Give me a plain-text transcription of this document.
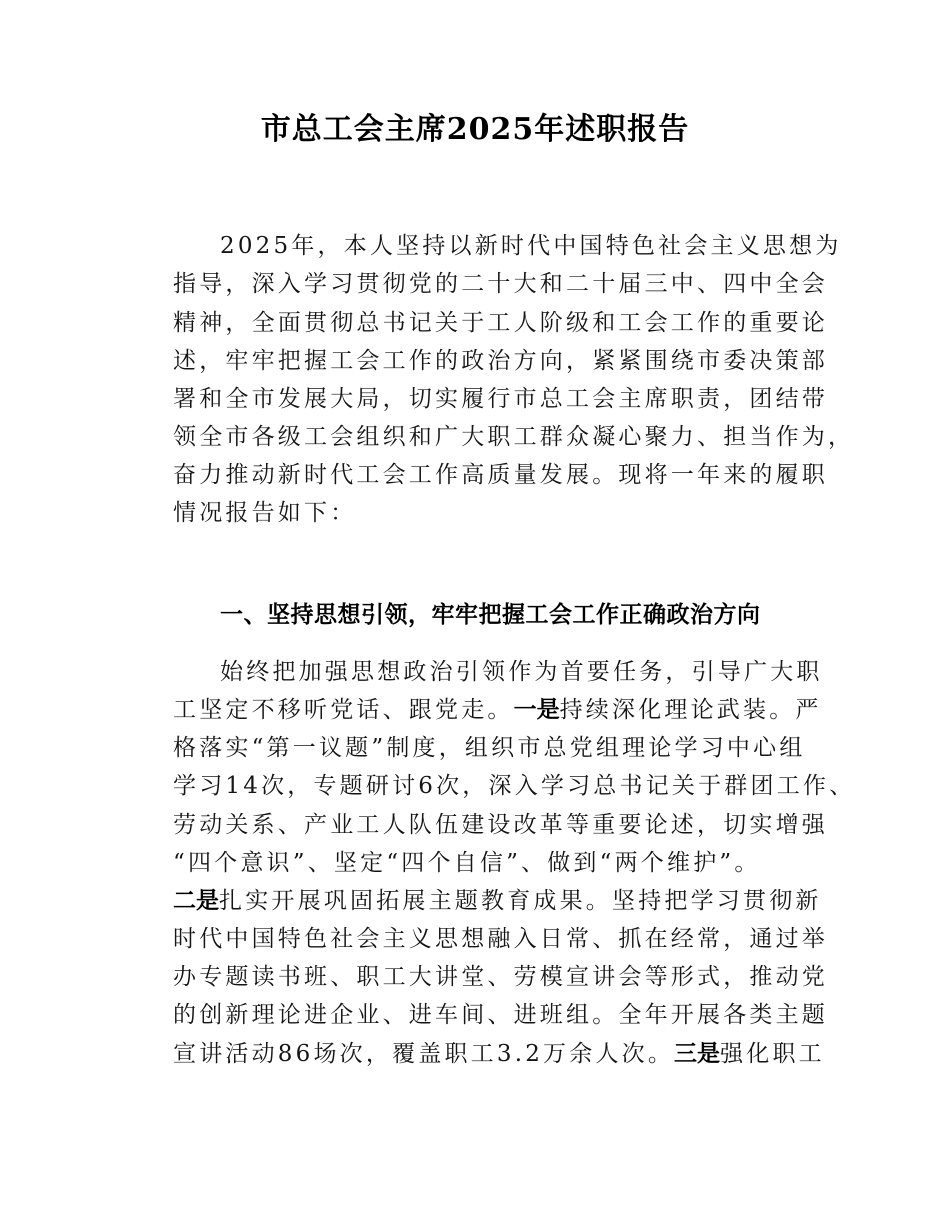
市总工会主席2025年述职报告
2025年，本人坚持以新时代中国特色社会主义思想为
指导，深入学习贯彻党的二十大和二十届三中、四中全会
精神，全面贯彻总书记关于工人阶级和工会工作的重要论
述，牢牢把握工会工作的政治方向，紧紧围绕市委决策部
署和全市发展大局，切实履行市总工会主席职责，团结带
领全市各级工会组织和广大职工群众凝心聚力、担当作为，
奋力推动新时代工会工作高质量发展。现将一年来的履职
情况报告如下：
一、坚持思想引领，牢牢把握工会工作正确政治方向
始终把加强思想政治引领作为首要任务，引导广大职
工坚定不移听党话、跟党走。一是持续深化理论武装。严
格落实“第一议题”制度，组织市总党组理论学习中心组
学习14次，专题研讨6次，深入学习总书记关于群团工作、
劳动关系、产业工人队伍建设改革等重要论述，切实增强
“四个意识”、坚定“四个自信”、做到“两个维护”。
二是扎实开展巩固拓展主题教育成果。坚持把学习贯彻新
时代中国特色社会主义思想融入日常、抓在经常，通过举
办专题读书班、职工大讲堂、劳模宣讲会等形式，推动党
的创新理论进企业、进车间、进班组。全年开展各类主题
宣讲活动86场次，覆盖职工3.2万余人次。三是强化职工
